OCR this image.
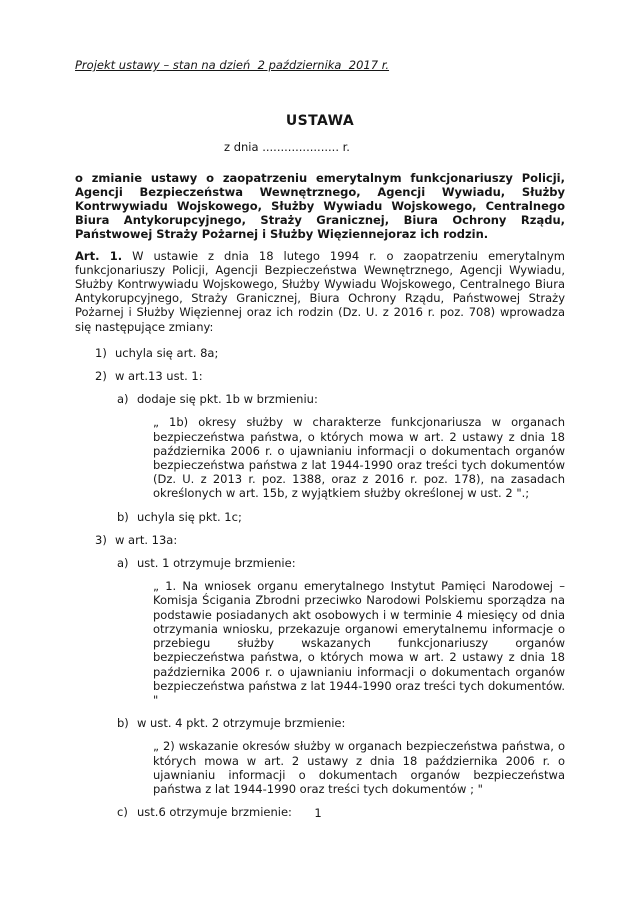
Projekt ustawy – stan na dzień  2 października  2017 r.

USTAWA

z dnia ..................... r.

o zmianie ustawy o zaopatrzeniu emerytalnym funkcjonariuszy Policji, Agencji Bezpieczeństwa Wewnętrznego, Agencji Wywiadu, Służby Kontrwywiadu Wojskowego, Służby Wywiadu Wojskowego, Centralnego Biura Antykorupcyjnego, Straży Granicznej, Biura Ochrony Rządu, Państwowej Straży Pożarnej i Służby Więziennejoraz ich rodzin.

Art. 1. W ustawie z dnia 18 lutego 1994 r. o zaopatrzeniu emerytalnym funkcjonariuszy Policji, Agencji Bezpieczeństwa Wewnętrznego, Agencji Wywiadu, Służby Kontrwywiadu Wojskowego, Służby Wywiadu Wojskowego, Centralnego Biura Antykorupcyjnego, Straży Granicznej, Biura Ochrony Rządu, Państwowej Straży Pożarnej i Służby Więziennej oraz ich rodzin (Dz. U. z 2016 r. poz. 708) wprowadza się następujące zmiany:

1) uchyla się art. 8a;
2) w art.13 ust. 1:
a) dodaje się pkt. 1b w brzmieniu:

„ 1b) okresy służby w charakterze funkcjonariusza w organach bezpieczeństwa państwa, o których mowa w art. 2 ustawy z dnia 18 października 2006 r. o ujawnianiu informacji o dokumentach organów bezpieczeństwa państwa z lat 1944-1990 oraz treści tych dokumentów (Dz. U. z 2013 r. poz. 1388, oraz z 2016 r. poz. 178), na zasadach określonych w art. 15b, z wyjątkiem służby określonej w ust. 2 ".;

b) uchyla się pkt. 1c;
3) w art. 13a:
a) ust. 1 otrzymuje brzmienie:

„ 1. Na wniosek organu emerytalnego Instytut Pamięci Narodowej – Komisja Ścigania Zbrodni przeciwko Narodowi Polskiemu sporządza na podstawie posiadanych akt osobowych i w terminie 4 miesięcy od dnia otrzymania wniosku, przekazuje organowi emerytalnemu informacje o przebiegu służby wskazanych funkcjonariuszy organów bezpieczeństwa państwa, o których mowa w art. 2 ustawy z dnia 18 października 2006 r. o ujawnianiu informacji o dokumentach organów bezpieczeństwa państwa z lat 1944-1990 oraz treści tych dokumentów. "

b) w ust. 4 pkt. 2 otrzymuje brzmienie:

„ 2) wskazanie okresów służby w organach bezpieczeństwa państwa, o których mowa w art. 2 ustawy z dnia 18 października 2006 r. o ujawnianiu informacji o dokumentach organów bezpieczeństwa państwa z lat 1944-1990 oraz treści tych dokumentów ; "

c) ust.6 otrzymuje brzmienie:	1
